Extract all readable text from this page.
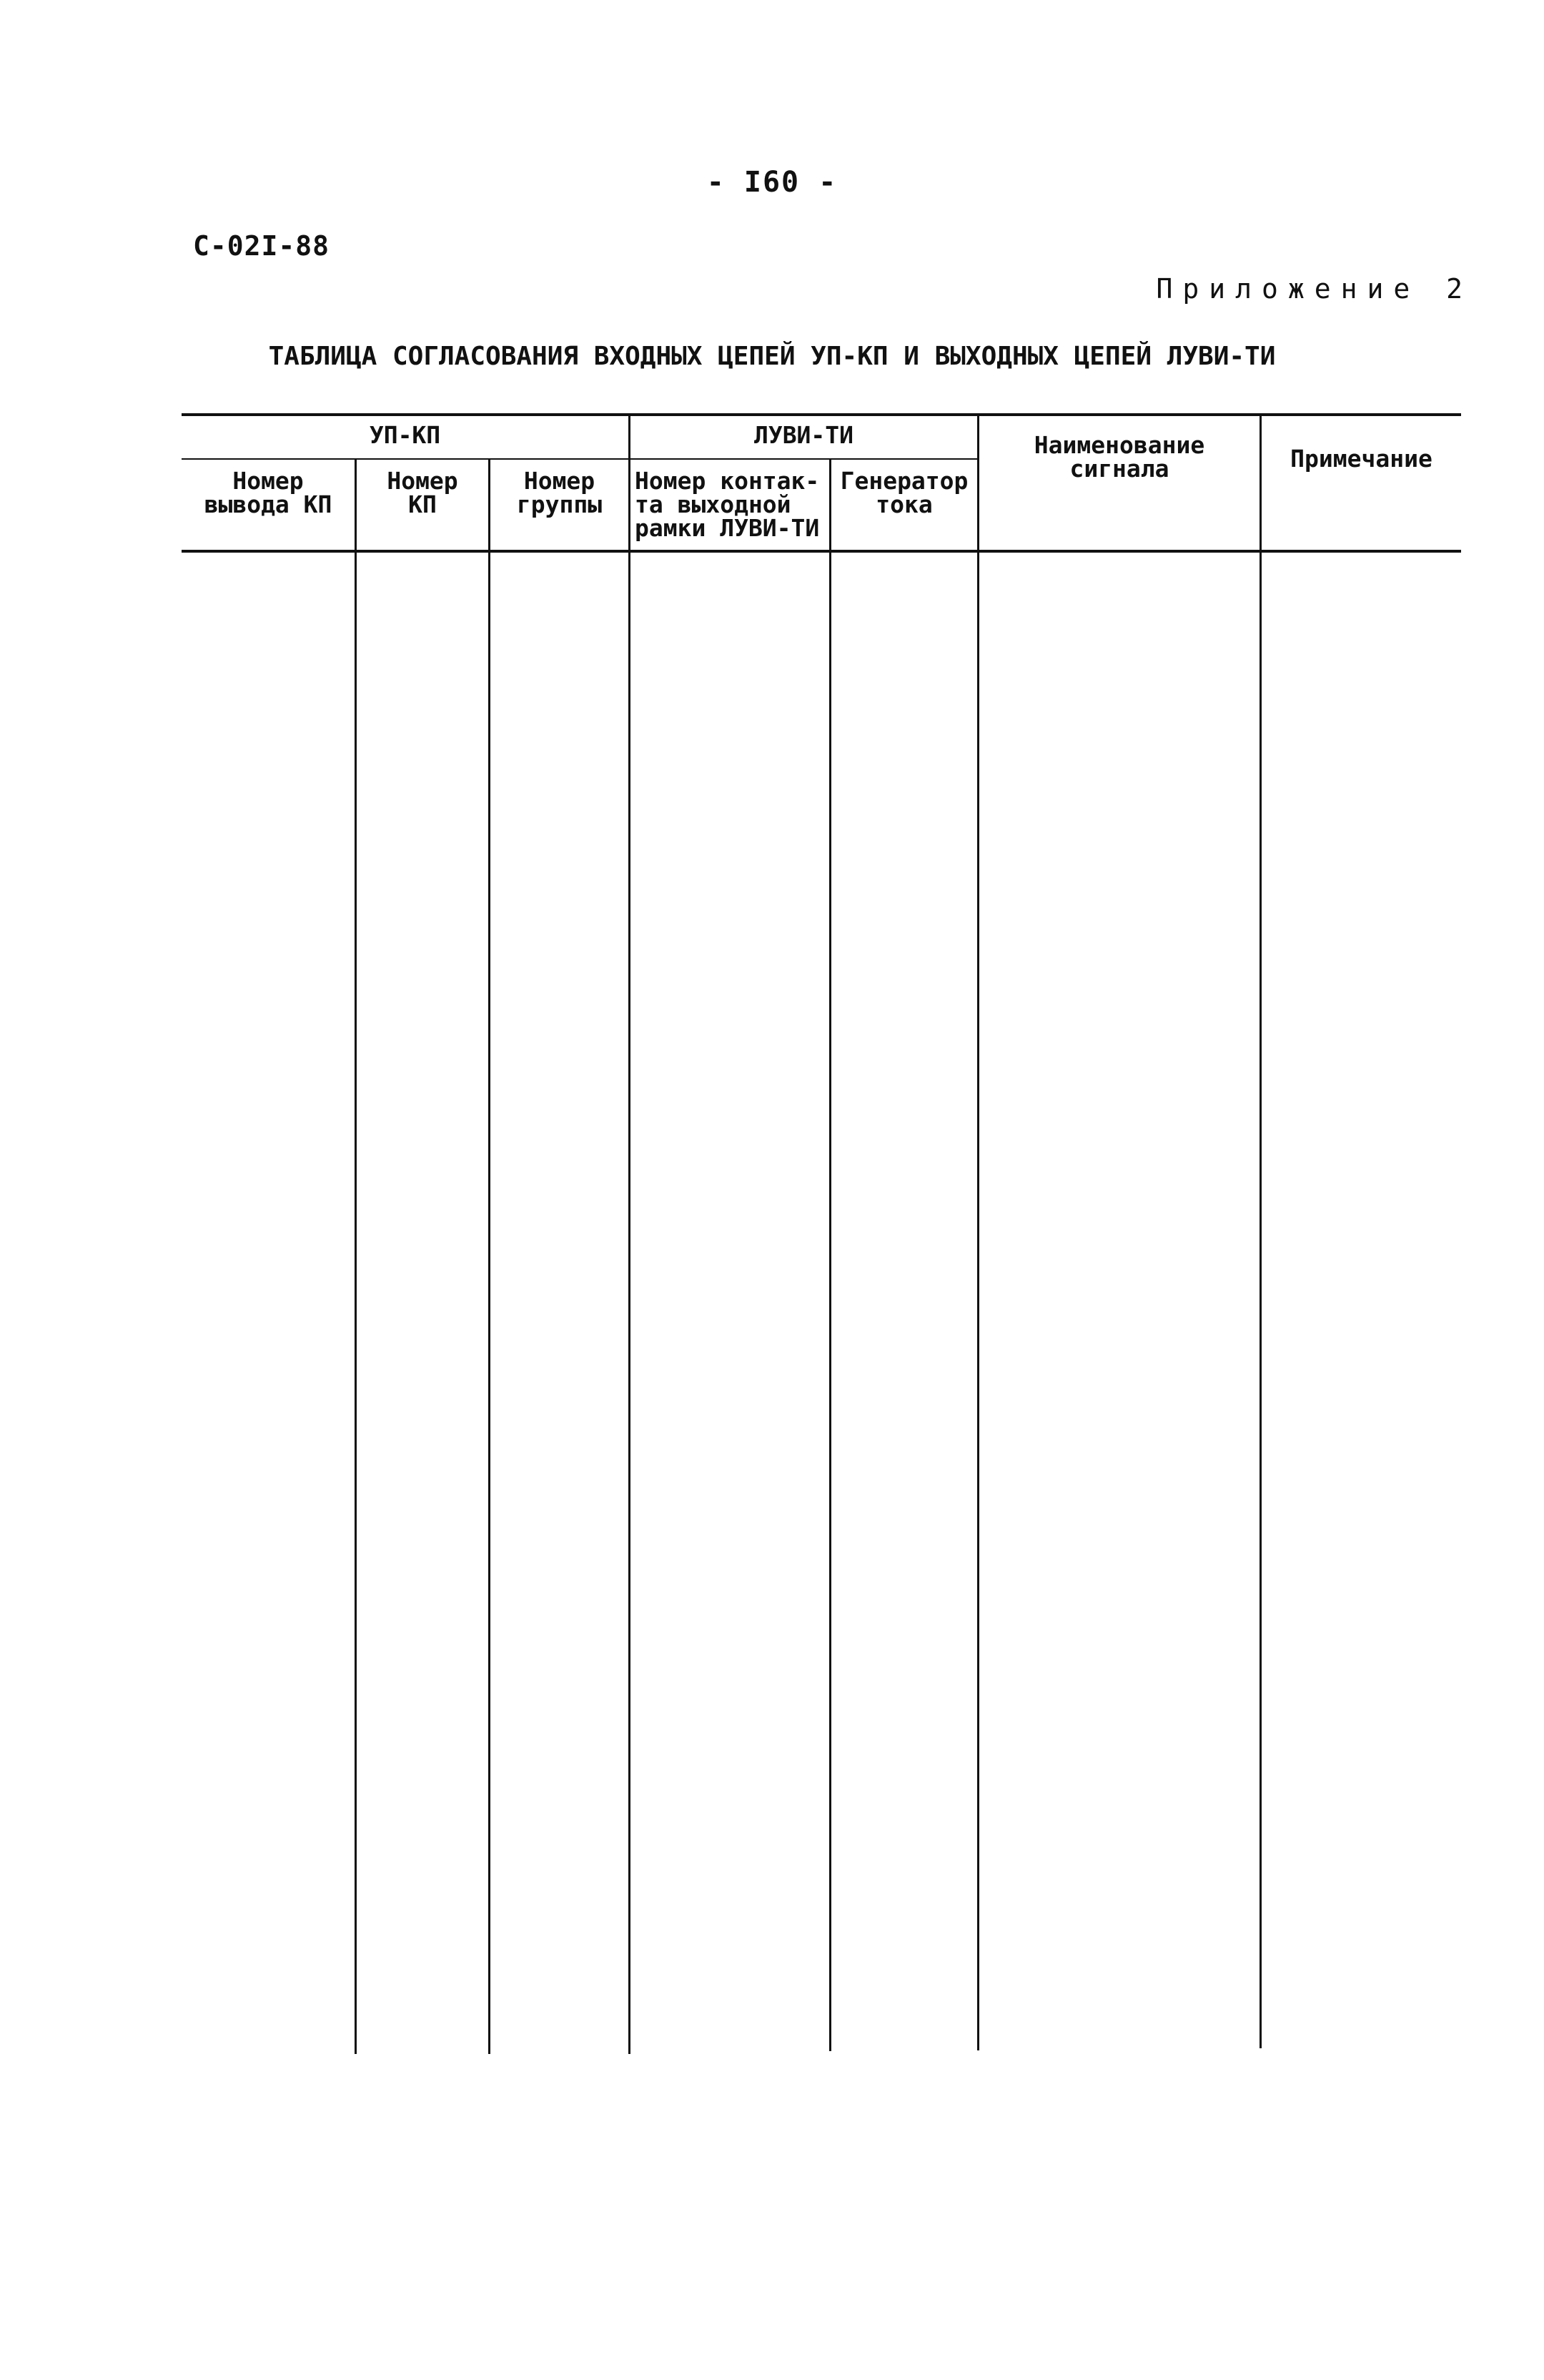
- I60 -
С-02I-88
Приложение 2
ТАБЛИЦА СОГЛАСОВАНИЯ ВХОДНЫХ ЦЕПЕЙ УП-КП И ВЫХОДНЫХ ЦЕПЕЙ ЛУВИ-ТИ
УП-КП	ЛУВИ-ТИ
Номер
вывода КП
Номер
КП
Номер
группы
Номер контак-
та выходной
рамки ЛУВИ-ТИ
Генератор
тока
Наименование
сигнала	Примечание
